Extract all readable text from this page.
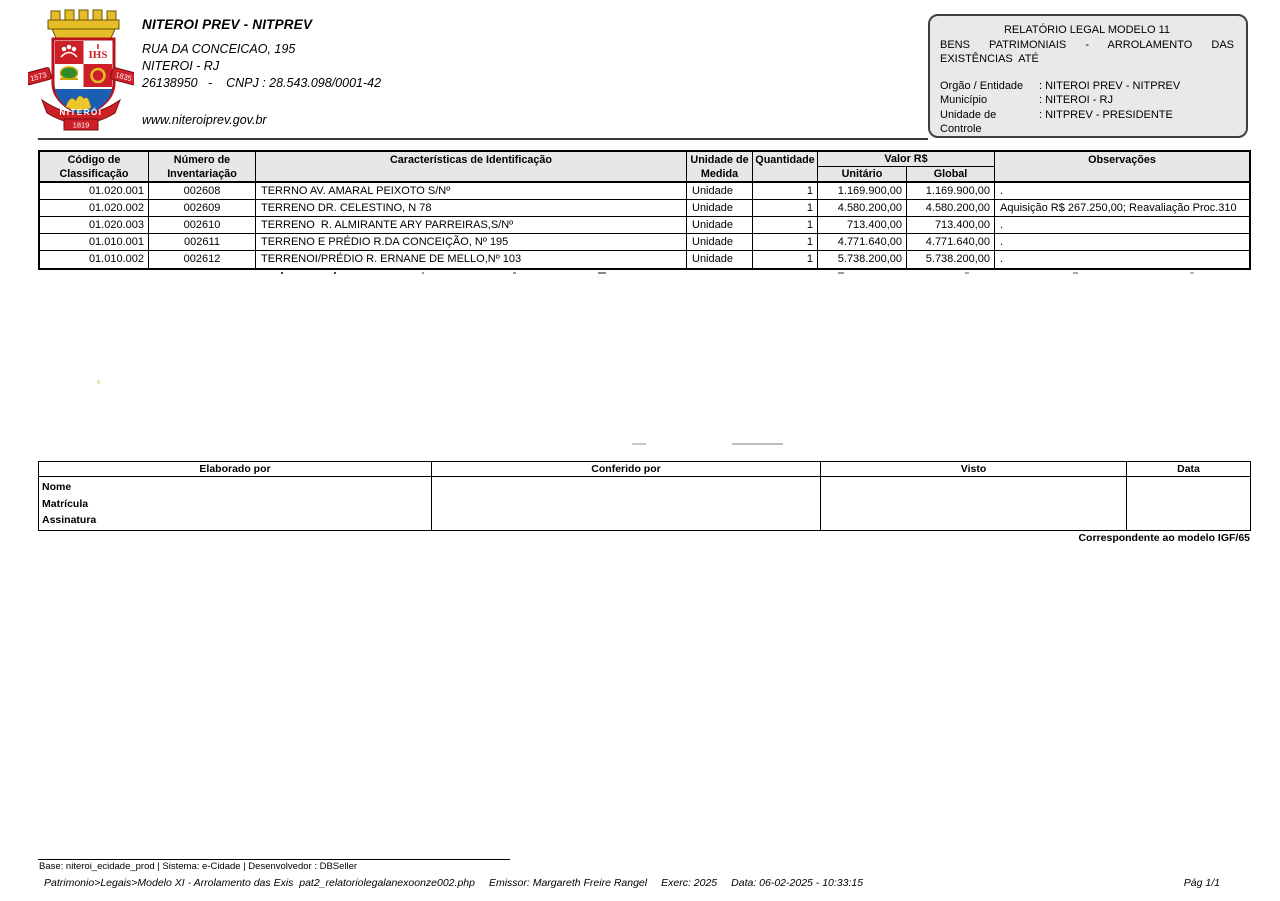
IHS
1573	1835
NITERÓI
1819
NITEROI PREV - NITPREV
RUA DA CONCEICAO, 195
NITEROI - RJ
26138950   -    CNPJ : 28.543.098/0001-42
www.niteroiprev.gov.br
RELATÓRIO LEGAL MODELO 11
BENS PATRIMONIAIS - ARROLAMENTO DAS
EXISTÊNCIAS  ATÉ
Orgão / Entidade	: NITEROI PREV - NITPREV
Município	: NITEROI - RJ
Unidade de Controle
: NITPREV - PRESIDENTE
Código de
Classificação
Número de
Inventariação
Características de Identificação	Unidade de
Medida
Quantidade	Valor R$
Unitário	Global
Observações
01.020.001	002608	TERRNO AV. AMARAL PEIXOTO S/Nº	Unidade	1	1.169.900,00	1.169.900,00 .
01.020.002	002609	TERRENO DR. CELESTINO, N 78	Unidade	1	4.580.200,00	4.580.200,00 Aquisição R$ 267.250,00; Reavaliação Proc.310
01.020.003	002610	TERRENO  R. ALMIRANTE ARY PARREIRAS,S/Nº	Unidade	1	713.400,00	713.400,00 .
01.010.001	002611	TERRENO E PRÉDIO R.DA CONCEIÇÃO, Nº 195	Unidade	1	4.771.640,00	4.771.640,00 .
01.010.002	002612	TERRENOI/PRÉDIO R. ERNANE DE MELLO,Nº 103	Unidade	1	5.738.200,00	5.738.200,00 .
Elaborado por	Conferido por	Visto	Data
Nome
Matrícula
Assinatura
Correspondente ao modelo IGF/65
Base: niteroi_ecidade_prod | Sistema: e-Cidade | Desenvolvedor : DBSeller
Patrimonio>Legais>Modelo XI - Arrolamento das Exis  pat2_relatoriolegalanexoonze002.php Emissor: Margareth Freire Rangel Exerc: 2025 Data: 06-02-2025 - 10:33:15	Pág 1/1
